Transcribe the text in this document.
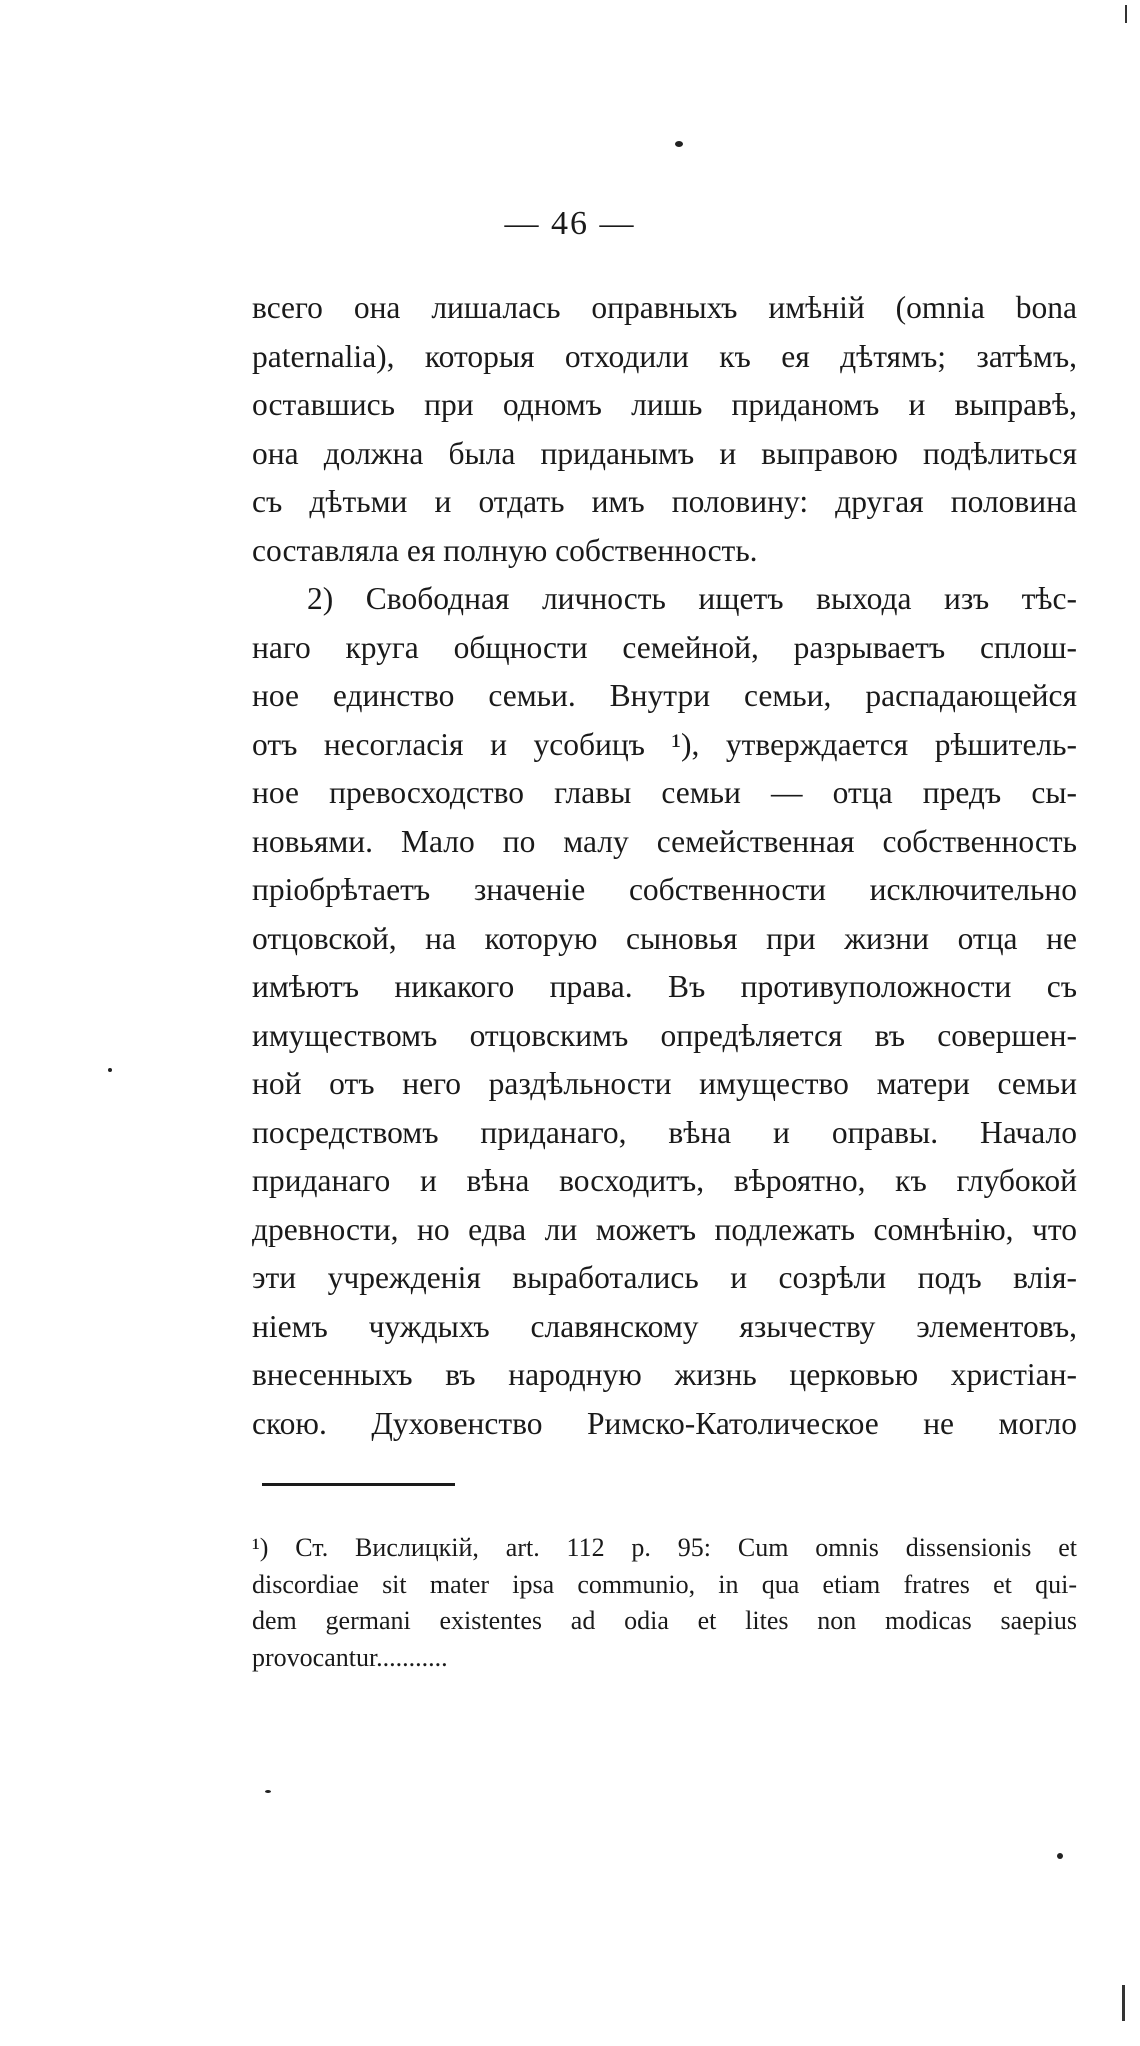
— 46 —
всего она лишалась оправныхъ имѣній (omnia bona
paternalia), которыя отходили къ ея дѣтямъ; затѣмъ,
оставшись при одномъ лишь приданомъ и выправѣ,
она должна была приданымъ и выправою подѣлиться
съ дѣтьми и отдать имъ половину: другая половина
составляла ея полную собственность.
2) Свободная личность ищетъ выхода изъ тѣс-
наго круга общности семейной, разрываетъ сплош-
ное единство семьи. Внутри семьи, распадающейся
отъ несогласія и усобицъ ¹), утверждается рѣшитель-
ное превосходство главы семьи — отца предъ сы-
новьями. Мало по малу семейственная собственность
пріобрѣтаетъ значеніе собственности исключительно
отцовской, на которую сыновья при жизни отца не
имѣютъ никакого права. Въ противуположности съ
имуществомъ отцовскимъ опредѣляется въ совершен-
ной отъ него раздѣльности имущество матери семьи
посредствомъ приданаго, вѣна и оправы. Начало
приданаго и вѣна восходитъ, вѣроятно, къ глубокой
древности, но едва ли можетъ подлежать сомнѣнію, что
эти учрежденія выработались и созрѣли подъ влія-
ніемъ чуждыхъ славянскому язычеству элементовъ,
внесенныхъ въ народную жизнь церковью христіан-
скою. Духовенство Римско-Католическое не могло
¹) Ст. Вислицкій, art. 112 p. 95: Cum omnis dissensionis et
discordiae sit mater ipsa communio, in qua etiam fratres et qui-
dem germani existentes ad odia et lites non modicas saepius
provocantur...........
